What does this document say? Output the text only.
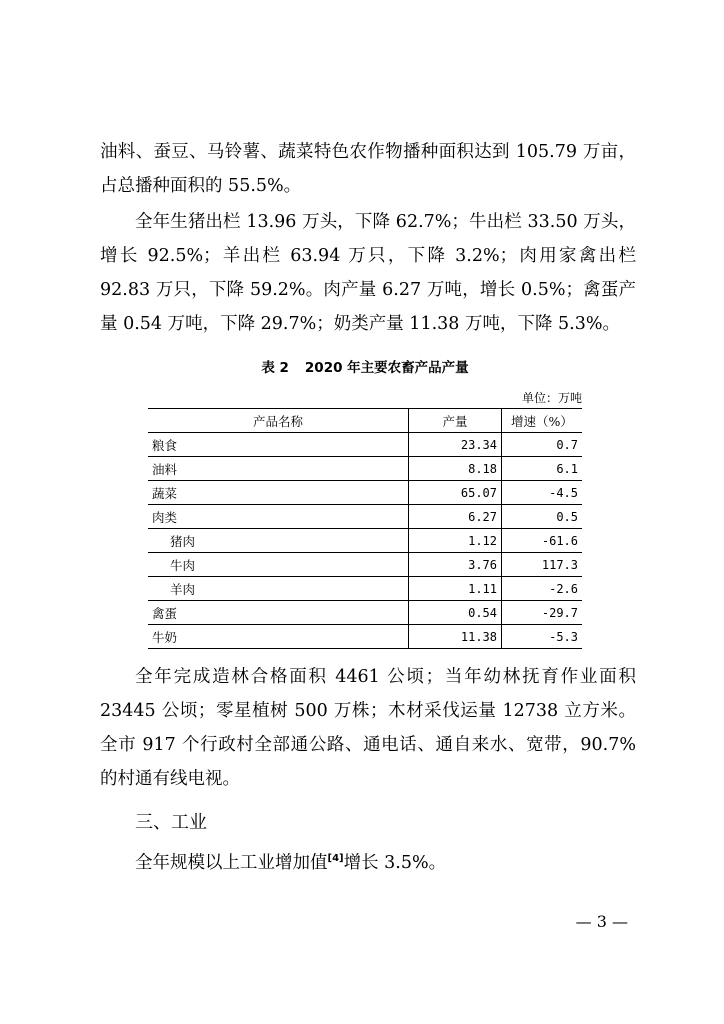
油料、蚕豆、马铃薯、蔬菜特色农作物播种面积达到 105.79 万亩，占总播种面积的 55.5%。

全年生猪出栏 13.96 万头，下降 62.7%；牛出栏 33.50 万头，增长 92.5%；羊出栏 63.94 万只，下降 3.2%；肉用家禽出栏 92.83 万只，下降 59.2%。肉产量 6.27 万吨，增长 0.5%；禽蛋产量 0.54 万吨，下降 29.7%；奶类产量 11.38 万吨，下降 5.3%。

表 2 2020 年主要农畜产品产量
单位：万吨
产品名称	产量	增速（%）
粮食	23.34	0.7
油料	8.18	6.1
蔬菜	65.07	-4.5
肉类	6.27	0.5
猪肉	1.12	-61.6
牛肉	3.76	117.3
羊肉	1.11	-2.6
禽蛋	0.54	-29.7
牛奶	11.38	-5.3

全年完成造林合格面积 4461 公顷；当年幼林抚育作业面积 23445 公顷；零星植树 500 万株；木材采伐运量 12738 立方米。全市 917 个行政村全部通公路、通电话、通自来水、宽带，90.7% 的村通有线电视。

三、工业

全年规模以上工业增加值[4]增长 3.5%。

— 3 —
